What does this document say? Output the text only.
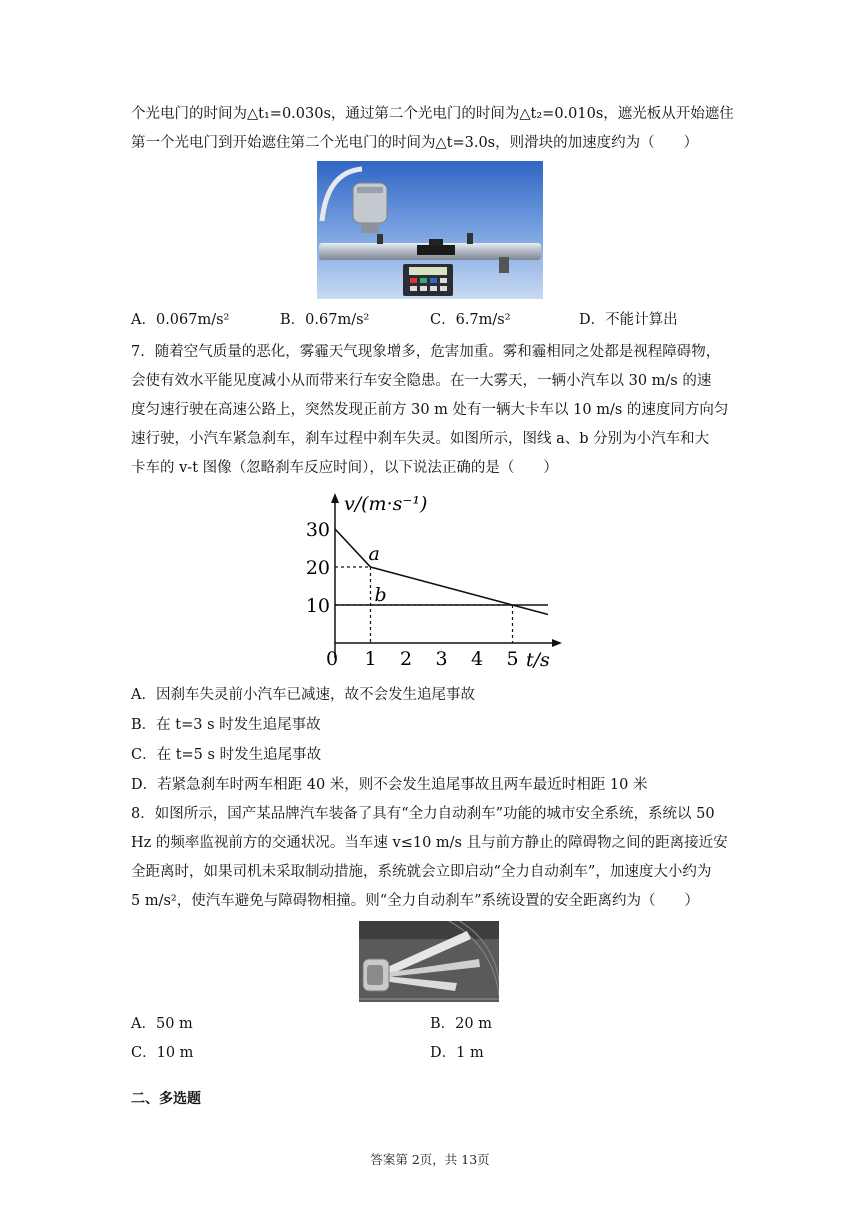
个光电门的时间为△t₁=0.030s，通过第二个光电门的时间为△t₂=0.010s，遮光板从开始遮住
第一个光电门到开始遮住第二个光电门的时间为△t=3.0s，则滑块的加速度约为（　　）
A．0.067m/s²	B．0.67m/s²	C．6.7m/s²	D．不能计算出
7．随着空气质量的恶化，雾霾天气现象增多，危害加重。雾和霾相同之处都是视程障碍物，
会使有效水平能见度减小从而带来行车安全隐患。在一大雾天，一辆小汽车以 30 m/s 的速
度匀速行驶在高速公路上，突然发现正前方 30 m 处有一辆大卡车以 10 m/s 的速度同方向匀
速行驶，小汽车紧急刹车，刹车过程中刹车失灵。如图所示，图线 a、b 分别为小汽车和大
卡车的 v-t 图像（忽略刹车反应时间），以下说法正确的是（　　）
v/(m·s⁻¹)
t/s
a
b
0 1 2 3 4 5
10
20
30
A．因刹车失灵前小汽车已减速，故不会发生追尾事故
B．在 t=3 s 时发生追尾事故
C．在 t=5 s 时发生追尾事故
D．若紧急刹车时两车相距 40 米，则不会发生追尾事故且两车最近时相距 10 米
8．如图所示，国产某品牌汽车装备了具有“全力自动刹车”功能的城市安全系统，系统以 50
Hz 的频率监视前方的交通状况。当车速 v≤10 m/s 且与前方静止的障碍物之间的距离接近安
全距离时，如果司机未采取制动措施，系统就会立即启动“全力自动刹车”，加速度大小约为
5 m/s²，使汽车避免与障碍物相撞。则“全力自动刹车”系统设置的安全距离约为（　　）
A．50 m	B．20 m
C．10 m	D．1 m
二、多选题
答案第 2页，共 13页
